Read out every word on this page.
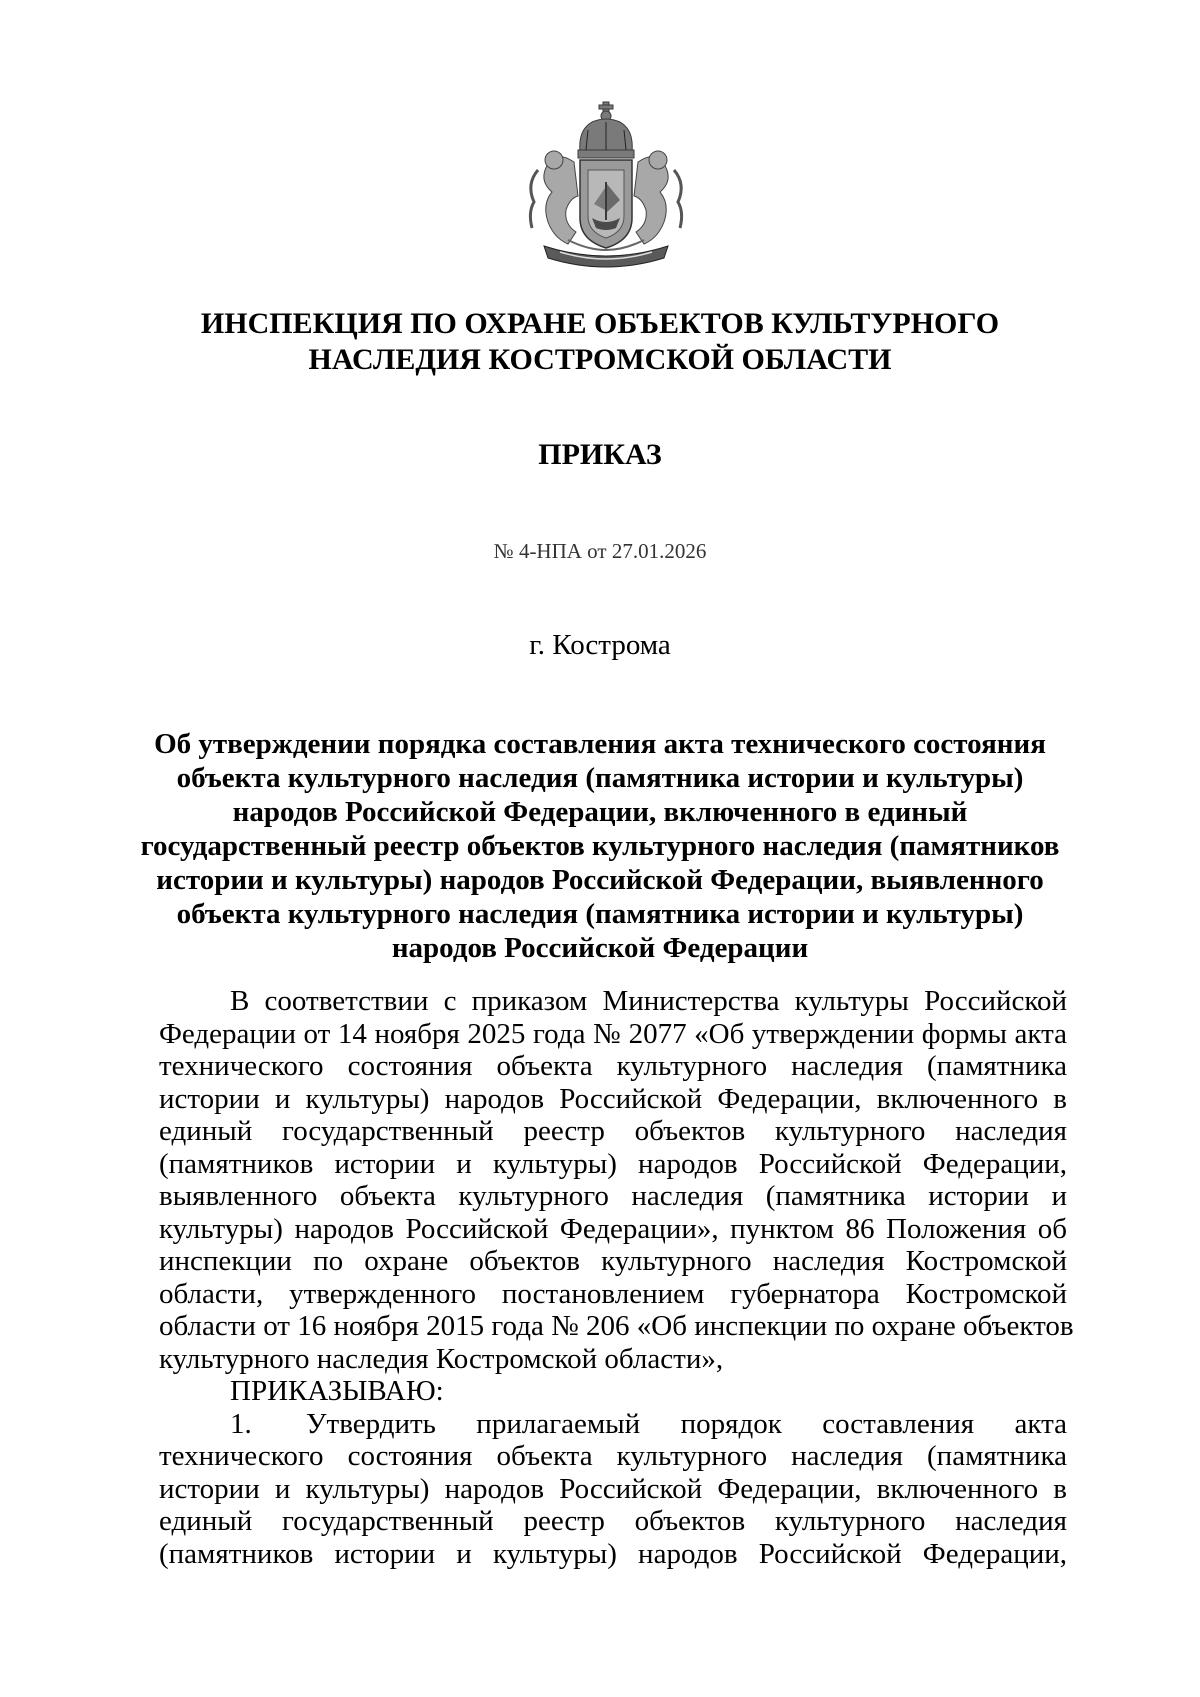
ИНСПЕКЦИЯ ПО ОХРАНЕ ОБЪЕКТОВ КУЛЬТУРНОГО
НАСЛЕДИЯ КОСТРОМСКОЙ ОБЛАСТИ
ПРИКАЗ
№ 4-НПА от 27.01.2026
г. Кострома
Об утверждении порядка составления акта технического состояния
объекта культурного наследия (памятника истории и культуры)
народов Российской Федерации, включенного в единый
государственный реестр объектов культурного наследия (памятников
истории и культуры) народов Российской Федерации, выявленного
объекта культурного наследия (памятника истории и культуры)
народов Российской Федерации
В соответствии с приказом Министерства культуры Российской
Федерации от 14 ноября 2025 года № 2077 «Об утверждении формы акта
технического состояния объекта культурного наследия (памятника
истории и культуры) народов Российской Федерации, включенного в
единый государственный реестр объектов культурного наследия
(памятников истории и культуры) народов Российской Федерации,
выявленного объекта культурного наследия (памятника истории и
культуры) народов Российской Федерации», пунктом 86 Положения об
инспекции по охране объектов культурного наследия Костромской
области, утвержденного постановлением губернатора Костромской
области от 16 ноября 2015 года № 206 «Об инспекции по охране объектов
культурного наследия Костромской области»,
ПРИКАЗЫВАЮ:
1. Утвердить прилагаемый порядок составления акта
технического состояния объекта культурного наследия (памятника
истории и культуры) народов Российской Федерации, включенного в
единый государственный реестр объектов культурного наследия
(памятников истории и культуры) народов Российской Федерации,
